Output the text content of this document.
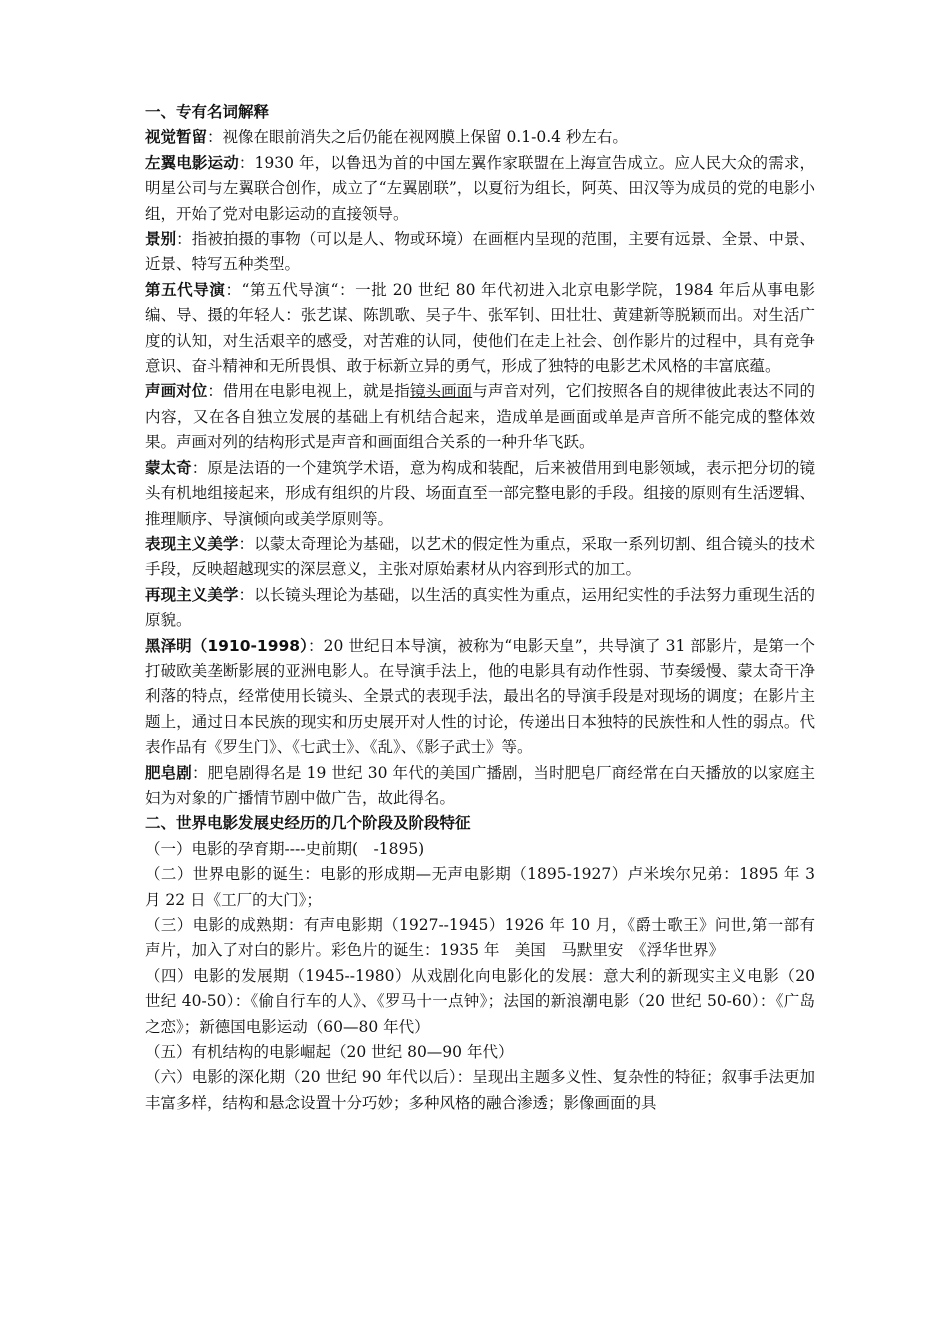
一、专有名词解释

视觉暂留：视像在眼前消失之后仍能在视网膜上保留 0.1-0.4 秒左右。

左翼电影运动：1930 年，以鲁迅为首的中国左翼作家联盟在上海宣告成立。应人民大众的需求，明星公司与左翼联合创作，成立了“左翼剧联”，以夏衍为组长，阿英、田汉等为成员的党的电影小组，开始了党对电影运动的直接领导。

景别：指被拍摄的事物（可以是人、物或环境）在画框内呈现的范围，主要有远景、全景、中景、近景、特写五种类型。

第五代导演：“第五代导演“：一批 20 世纪 80 年代初进入北京电影学院，1984 年后从事电影编、导、摄的年轻人：张艺谋、陈凯歌、吴子牛、张军钊、田壮壮、黄建新等脱颖而出。对生活广度的认知，对生活艰辛的感受，对苦难的认同，使他们在走上社会、创作影片的过程中，具有竞争意识、奋斗精神和无所畏惧、敢于标新立异的勇气，形成了独特的电影艺术风格的丰富底蕴。

声画对位：借用在电影电视上，就是指镜头画面与声音对列，它们按照各自的规律彼此表达不同的内容，又在各自独立发展的基础上有机结合起来，造成单是画面或单是声音所不能完成的整体效果。声画对列的结构形式是声音和画面组合关系的一种升华飞跃。

蒙太奇：原是法语的一个建筑学术语，意为构成和装配，后来被借用到电影领域，表示把分切的镜头有机地组接起来，形成有组织的片段、场面直至一部完整电影的手段。组接的原则有生活逻辑、推理顺序、导演倾向或美学原则等。

表现主义美学：以蒙太奇理论为基础，以艺术的假定性为重点，采取一系列切割、组合镜头的技术手段，反映超越现实的深层意义，主张对原始素材从内容到形式的加工。

再现主义美学：以长镜头理论为基础，以生活的真实性为重点，运用纪实性的手法努力重现生活的原貌。

黑泽明（1910-1998）：20 世纪日本导演，被称为“电影天皇”，共导演了 31 部影片，是第一个打破欧美垄断影展的亚洲电影人。在导演手法上，他的电影具有动作性弱、节奏缓慢、蒙太奇干净利落的特点，经常使用长镜头、全景式的表现手法，最出名的导演手段是对现场的调度；在影片主题上，通过日本民族的现实和历史展开对人性的讨论，传递出日本独特的民族性和人性的弱点。代表作品有《罗生门》、《七武士》、《乱》、《影子武士》等。

肥皂剧：肥皂剧得名是 19 世纪 30 年代的美国广播剧，当时肥皂厂商经常在白天播放的以家庭主妇为对象的广播情节剧中做广告，故此得名。

二、世界电影发展史经历的几个阶段及阶段特征

（一）电影的孕育期----史前期(　-1895)

（二）世界电影的诞生：电影的形成期—无声电影期（1895-1927）卢米埃尔兄弟：1895 年 3 月 22 日《工厂的大门》；

（三）电影的成熟期：有声电影期（1927--1945）1926 年 10 月，《爵士歌王》问世,第一部有声片，加入了对白的影片。彩色片的诞生：1935 年　美国　马默里安　《浮华世界》

（四）电影的发展期（1945--1980）从戏剧化向电影化的发展：意大利的新现实主义电影（20 世纪 40-50）：《偷自行车的人》、《罗马十一点钟》；法国的新浪潮电影（20 世纪 50-60）：《广岛之恋》；新德国电影运动（60—80 年代）

（五）有机结构的电影崛起（20 世纪 80—90 年代）

（六）电影的深化期（20 世纪 90 年代以后）：呈现出主题多义性、复杂性的特征；叙事手法更加丰富多样，结构和悬念设置十分巧妙；多种风格的融合渗透；影像画面的具
